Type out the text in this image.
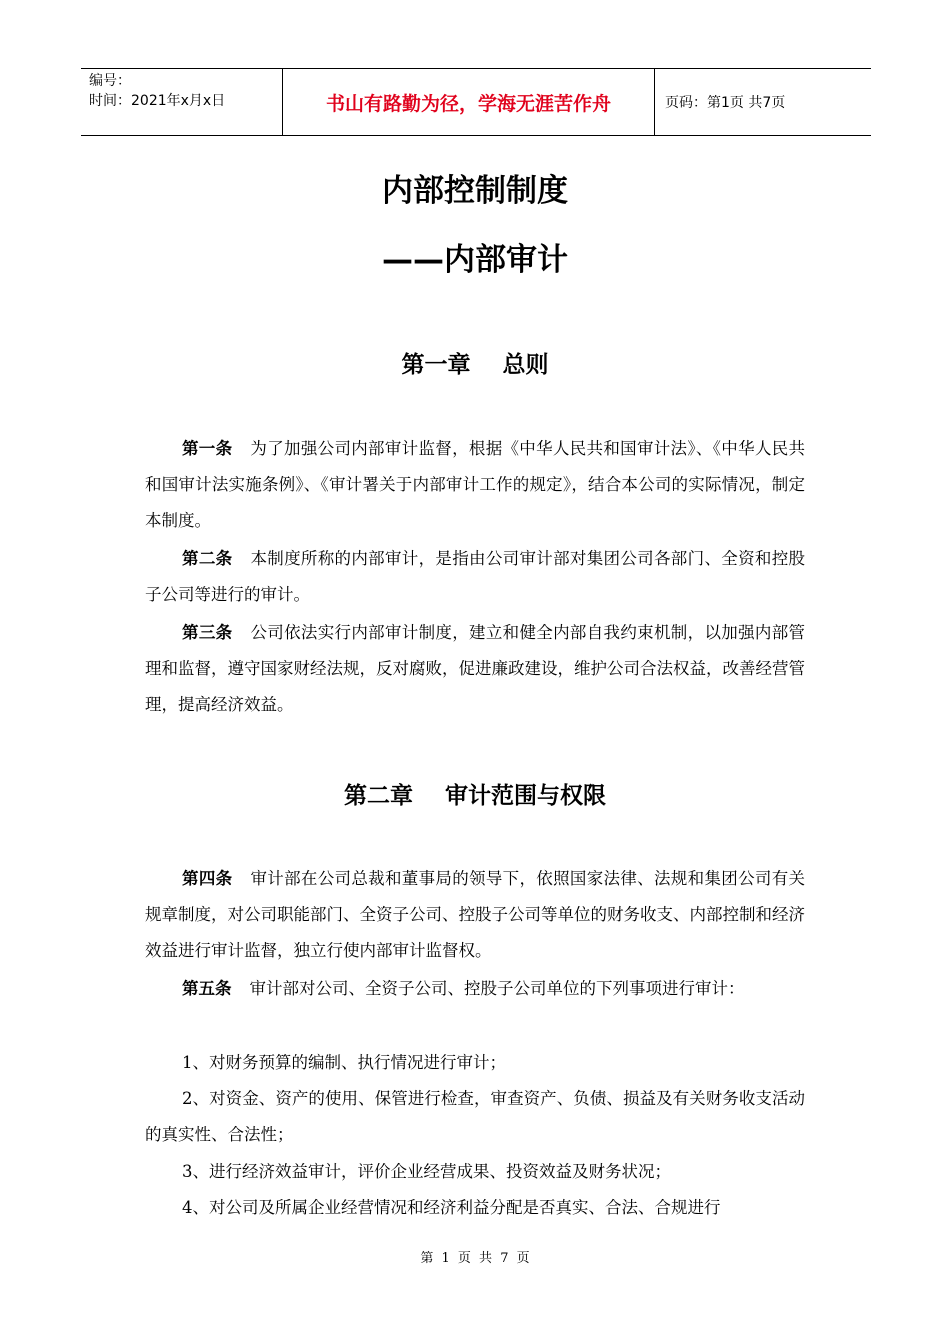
编号：
时间：2021年x月x日	书山有路勤为径，学海无涯苦作舟	页码：第1页 共7页
内部控制制度
——内部审计
第一章    总则
第一条 为了加强公司内部审计监督，根据《中华人民共和国审计法》、《中华人民共和国审计法实施条例》、《审计署关于内部审计工作的规定》，结合本公司的实际情况，制定本制度。
第二条 本制度所称的内部审计，是指由公司审计部对集团公司各部门、全资和控股子公司等进行的审计。
第三条 公司依法实行内部审计制度，建立和健全内部自我约束机制，以加强内部管理和监督，遵守国家财经法规，反对腐败，促进廉政建设，维护公司合法权益，改善经营管理，提高经济效益。
第二章    审计范围与权限
第四条 审计部在公司总裁和董事局的领导下，依照国家法律、法规和集团公司有关规章制度，对公司职能部门、全资子公司、控股子公司等单位的财务收支、内部控制和经济效益进行审计监督，独立行使内部审计监督权。
第五条 审计部对公司、全资子公司、控股子公司单位的下列事项进行审计：
1、对财务预算的编制、执行情况进行审计；
2、对资金、资产的使用、保管进行检查，审查资产、负债、损益及有关财务收支活动的真实性、合法性；
3、进行经济效益审计，评价企业经营成果、投资效益及财务状况；
4、对公司及所属企业经营情况和经济利益分配是否真实、合法、合规进行
第 1 页 共 7 页
